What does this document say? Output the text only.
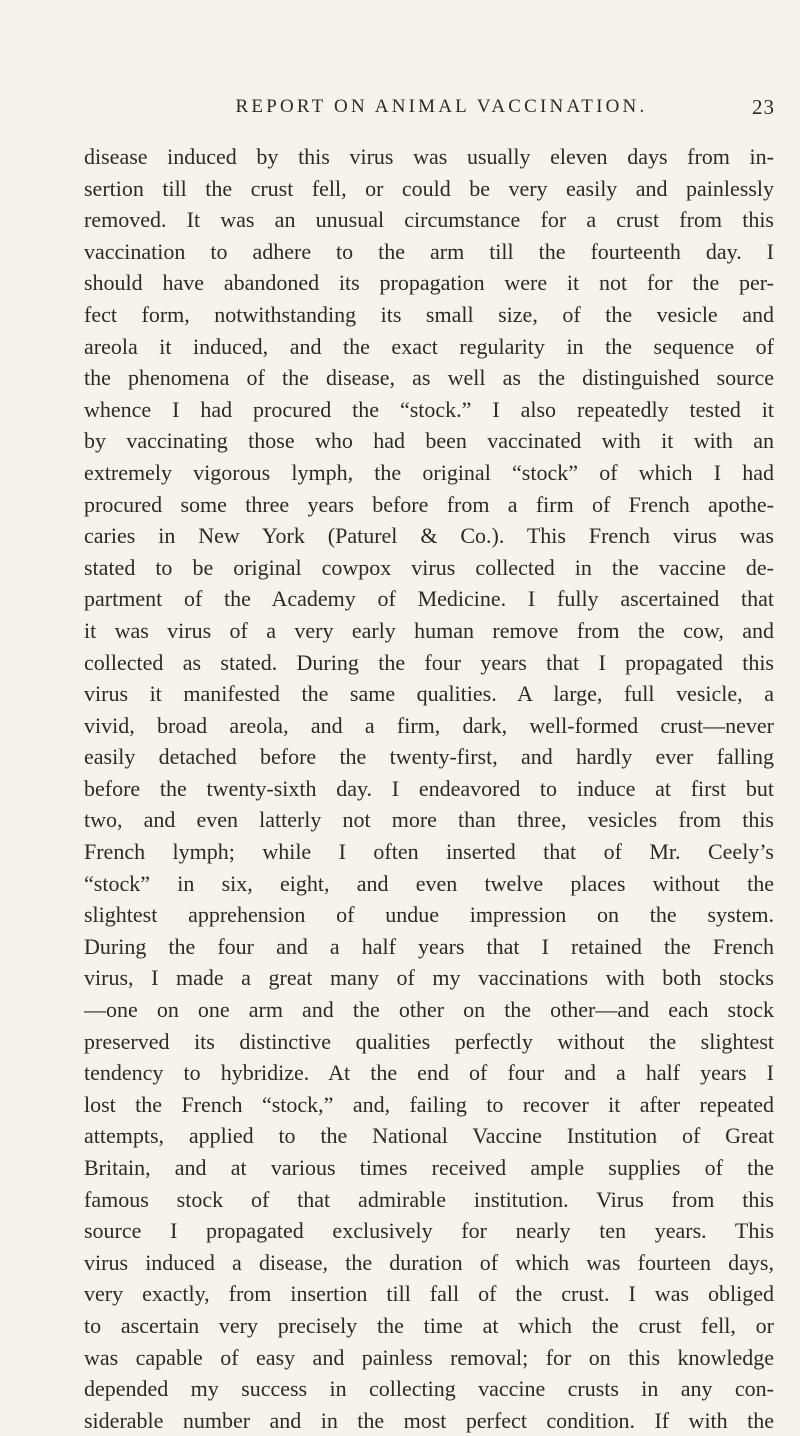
REPORT ON ANIMAL VACCINATION.	23
disease induced by this virus was usually eleven days from in-
sertion till the crust fell, or could be very easily and painlessly
removed. It was an unusual circumstance for a crust from this
vaccination to adhere to the arm till the fourteenth day. I
should have abandoned its propagation were it not for the per-
fect form, notwithstanding its small size, of the vesicle and
areola it induced, and the exact regularity in the sequence of
the phenomena of the disease, as well as the distinguished source
whence I had procured the “stock.” I also repeatedly tested it
by vaccinating those who had been vaccinated with it with an
extremely vigorous lymph, the original “stock” of which I had
procured some three years before from a firm of French apothe-
caries in New York (Paturel & Co.). This French virus was
stated to be original cowpox virus collected in the vaccine de-
partment of the Academy of Medicine. I fully ascertained that
it was virus of a very early human remove from the cow, and
collected as stated. During the four years that I propagated this
virus it manifested the same qualities. A large, full vesicle, a
vivid, broad areola, and a firm, dark, well-formed crust—never
easily detached before the twenty-first, and hardly ever falling
before the twenty-sixth day. I endeavored to induce at first but
two, and even latterly not more than three, vesicles from this
French lymph; while I often inserted that of Mr. Ceely’s
“stock” in six, eight, and even twelve places without the
slightest apprehension of undue impression on the system.
During the four and a half years that I retained the French
virus, I made a great many of my vaccinations with both stocks
—one on one arm and the other on the other—and each stock
preserved its distinctive qualities perfectly without the slightest
tendency to hybridize. At the end of four and a half years I
lost the French “stock,” and, failing to recover it after repeated
attempts, applied to the National Vaccine Institution of Great
Britain, and at various times received ample supplies of the
famous stock of that admirable institution. Virus from this
source I propagated exclusively for nearly ten years. This
virus induced a disease, the duration of which was fourteen days,
very exactly, from insertion till fall of the crust. I was obliged
to ascertain very precisely the time at which the crust fell, or
was capable of easy and painless removal; for on this knowledge
depended my success in collecting vaccine crusts in any con-
siderable number and in the most perfect condition. If with the
